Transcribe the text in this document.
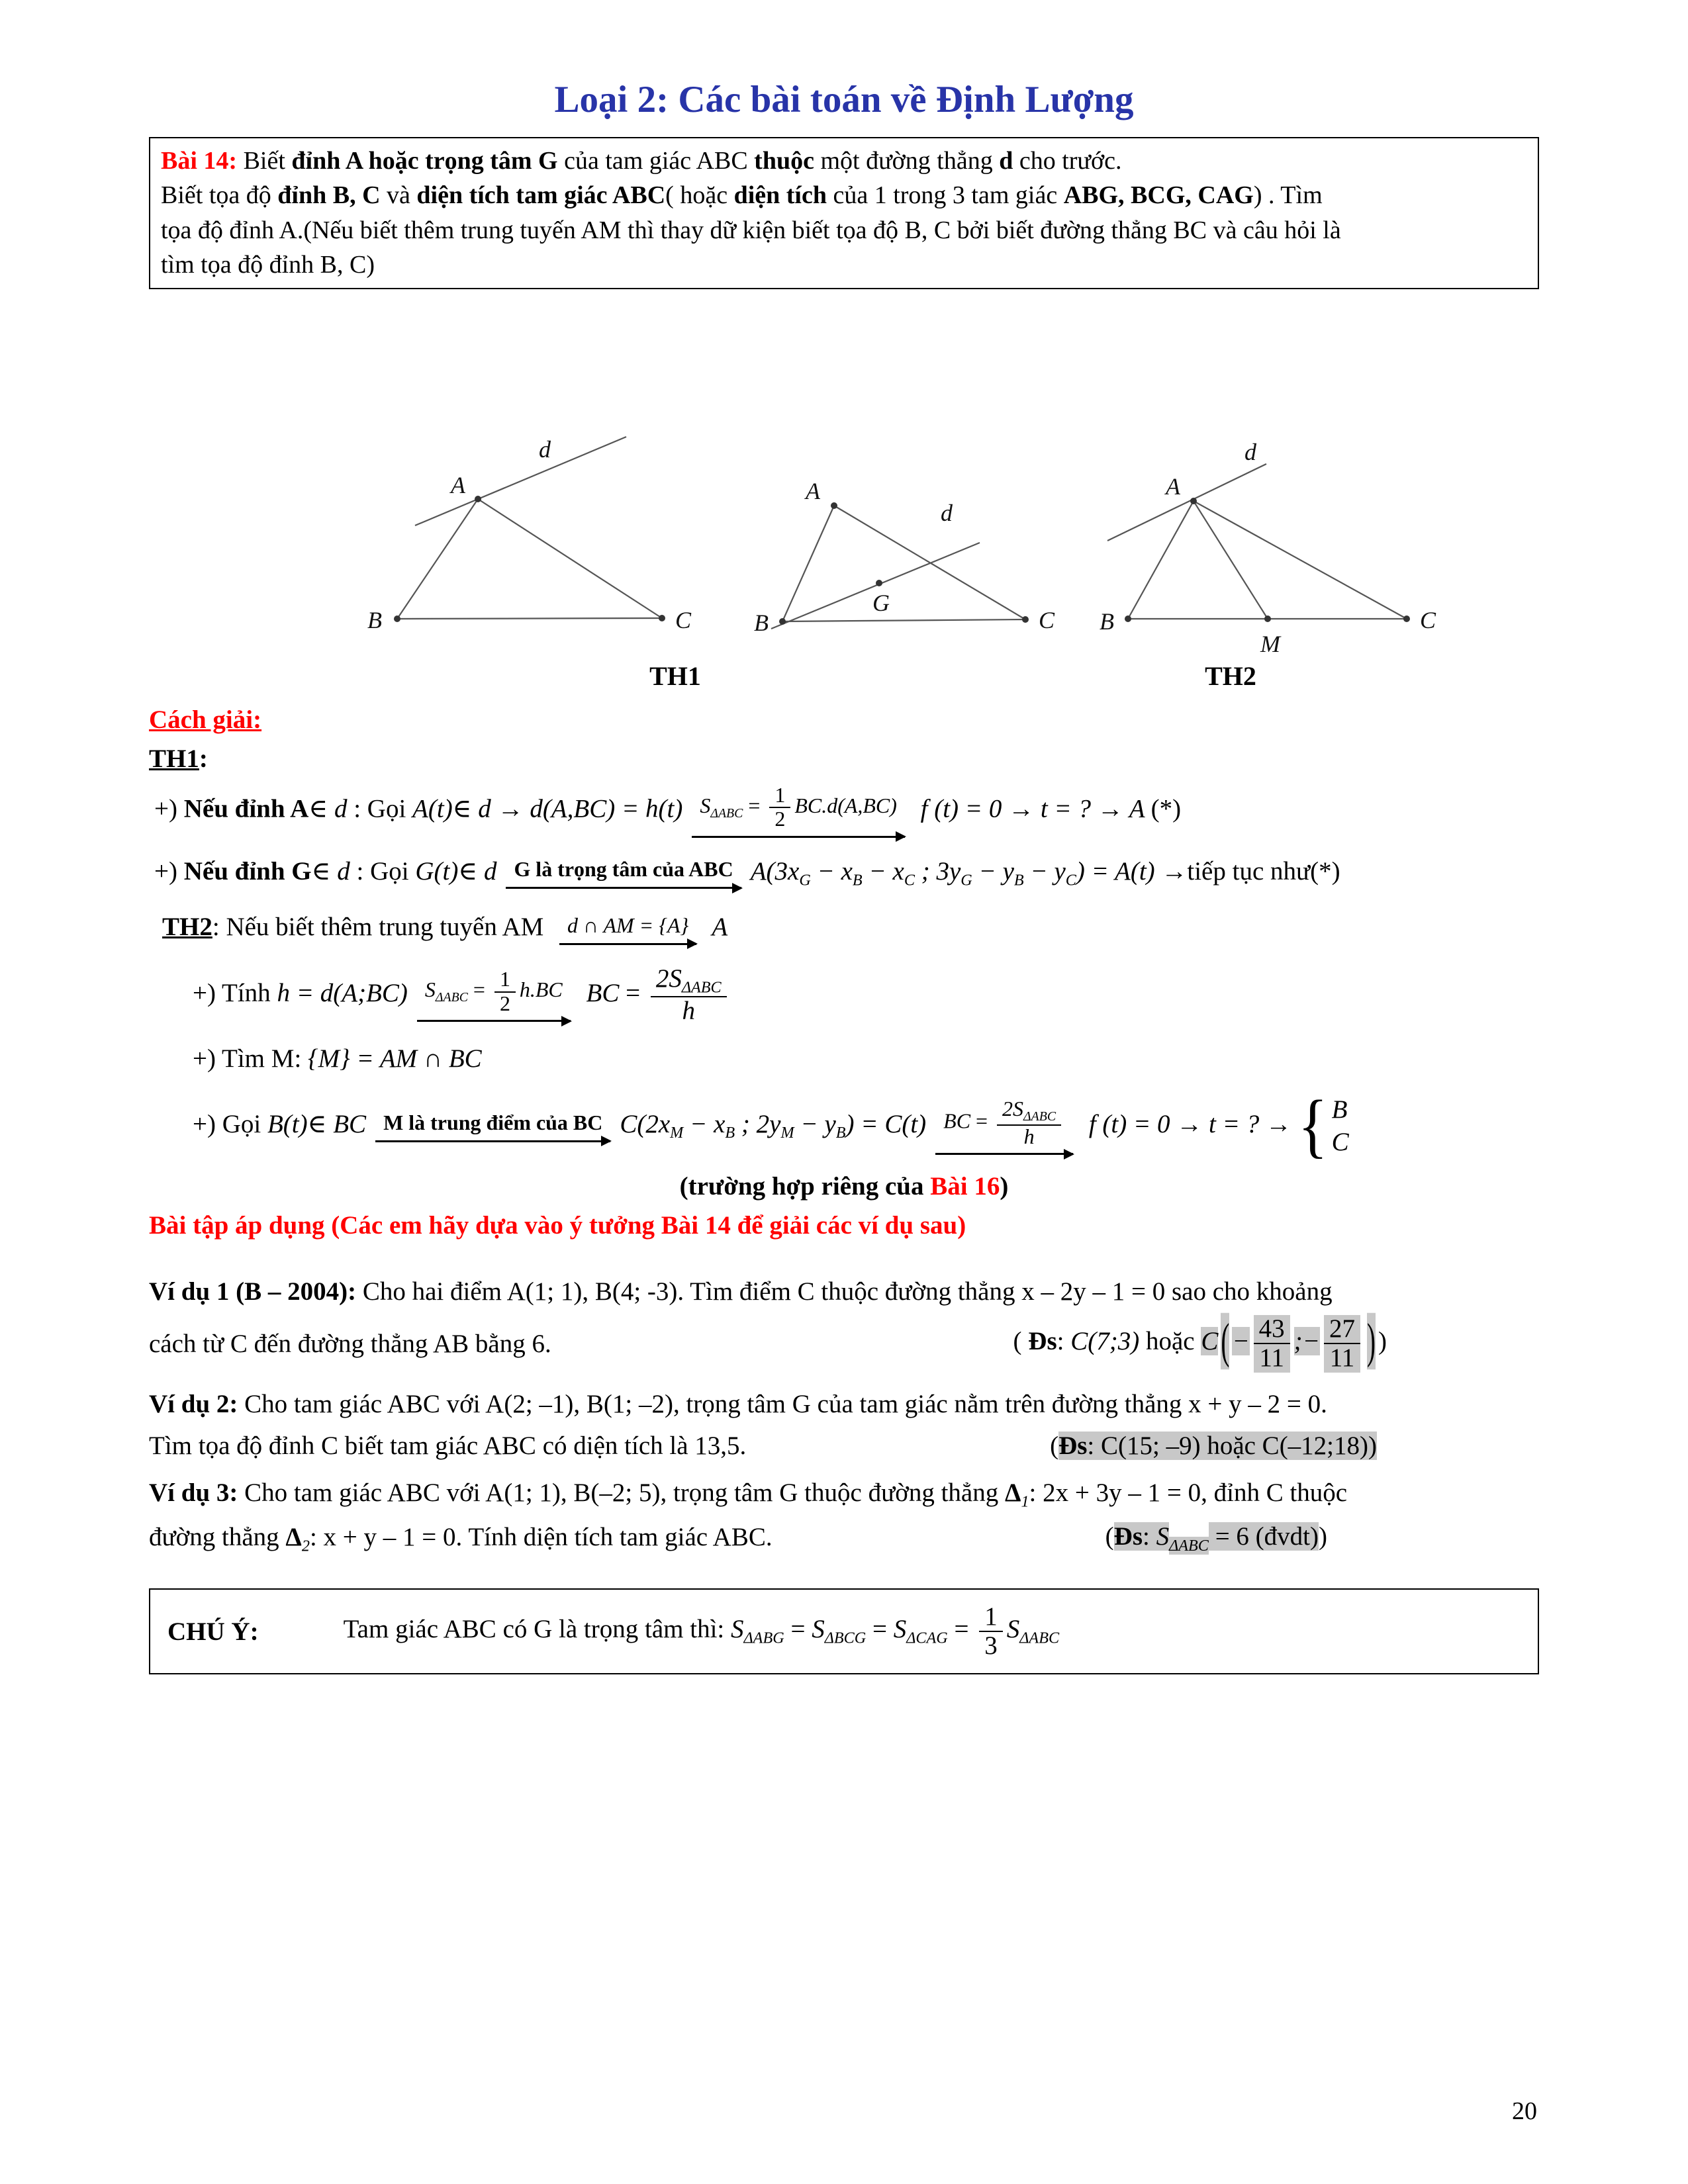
Loại 2: Các bài toán về Định Lượng
Bài 14: Biết đỉnh A hoặc trọng tâm G của tam giác ABC thuộc một đường thẳng d cho trước.
Biết tọa độ đỉnh B, C và diện tích tam giác ABC( hoặc diện tích của 1 trong 3 tam giác ABG, BCG, CAG) . Tìm
tọa độ đỉnh A.(Nếu biết thêm trung tuyến AM thì thay dữ kiện biết tọa độ B, C bởi biết đường thẳng BC và câu hỏi là
tìm tọa độ đỉnh B, C)
A
B	C
d
A
B	C
G
d
A
B	C
M
d
TH1	TH2
Cách giải:
TH1:
+) Nếu đỉnh A∈ d : Gọi A(t)∈ d → d(A,BC) = h(t) $S_{\Delta ABC} = \frac{1}{2} BC.d(A,BC)$ f (t) = 0 → t = ? → A (*)
+) Nếu đỉnh G∈ d : Gọi G(t)∈ d G là trọng tâm của ABC $A(3x_G - x_B - x_C$ ; $3y_G - y_B - y_C) = A(t)$ →tiếp tục như(*)
TH2: Nếu biết thêm trung tuyến AM d ∩ AM = {A} A
+) Tính h = d(A;BC) $S_{\Delta ABC} = \frac{1}{2} h.BC$ BC = $\frac{2S_{\Delta ABC}}{h}$
+) Tìm M: {M} = AM ∩ BC
+) Gọi B(t)∈ BC M là trung điểm của BC $C(2x_M - x_B$ ; $2y_M - y_B) = C(t)$ BC = $\frac{2S_{\Delta ABC}}{h}$ f (t) = 0 → t = ? → { B
C
(trường hợp riêng của Bài 16)
Bài tập áp dụng (Các em hãy dựa vào ý tưởng Bài 14 để giải các ví dụ sau)
Ví dụ 1 (B – 2004): Cho hai điểm A(1; 1), B(4; -3). Tìm điểm C thuộc đường thẳng x – 2y – 1 = 0 sao cho khoảng
cách từ C đến đường thẳng AB bằng 6.	( Đs: C(7;3) hoặc C ( − $\frac{43}{11}$ ;− $\frac{27}{11}$ ) )
Ví dụ 2: Cho tam giác ABC với A(2; –1), B(1; –2), trọng tâm G của tam giác nằm trên đường thẳng x + y – 2 = 0.
Tìm tọa độ đỉnh C biết tam giác ABC có diện tích là 13,5.	(Đs: C(15; –9) hoặc C(–12;18))
Ví dụ 3: Cho tam giác ABC với A(1; 1), B(–2; 5), trọng tâm G thuộc đường thẳng $\Delta_1$: 2x + 3y – 1 = 0, đỉnh C thuộc
đường thẳng $\Delta_2$: x + y – 1 = 0. Tính diện tích tam giác ABC.	(Đs: $S_{\Delta ABC} = 6$ (đvdt))
CHÚ Ý:	Tam giác ABC có G là trọng tâm thì: $S_{\Delta ABG} = S_{\Delta BCG} = S_{\Delta CAG} = \frac{1}{3} S_{\Delta ABC}$
20
